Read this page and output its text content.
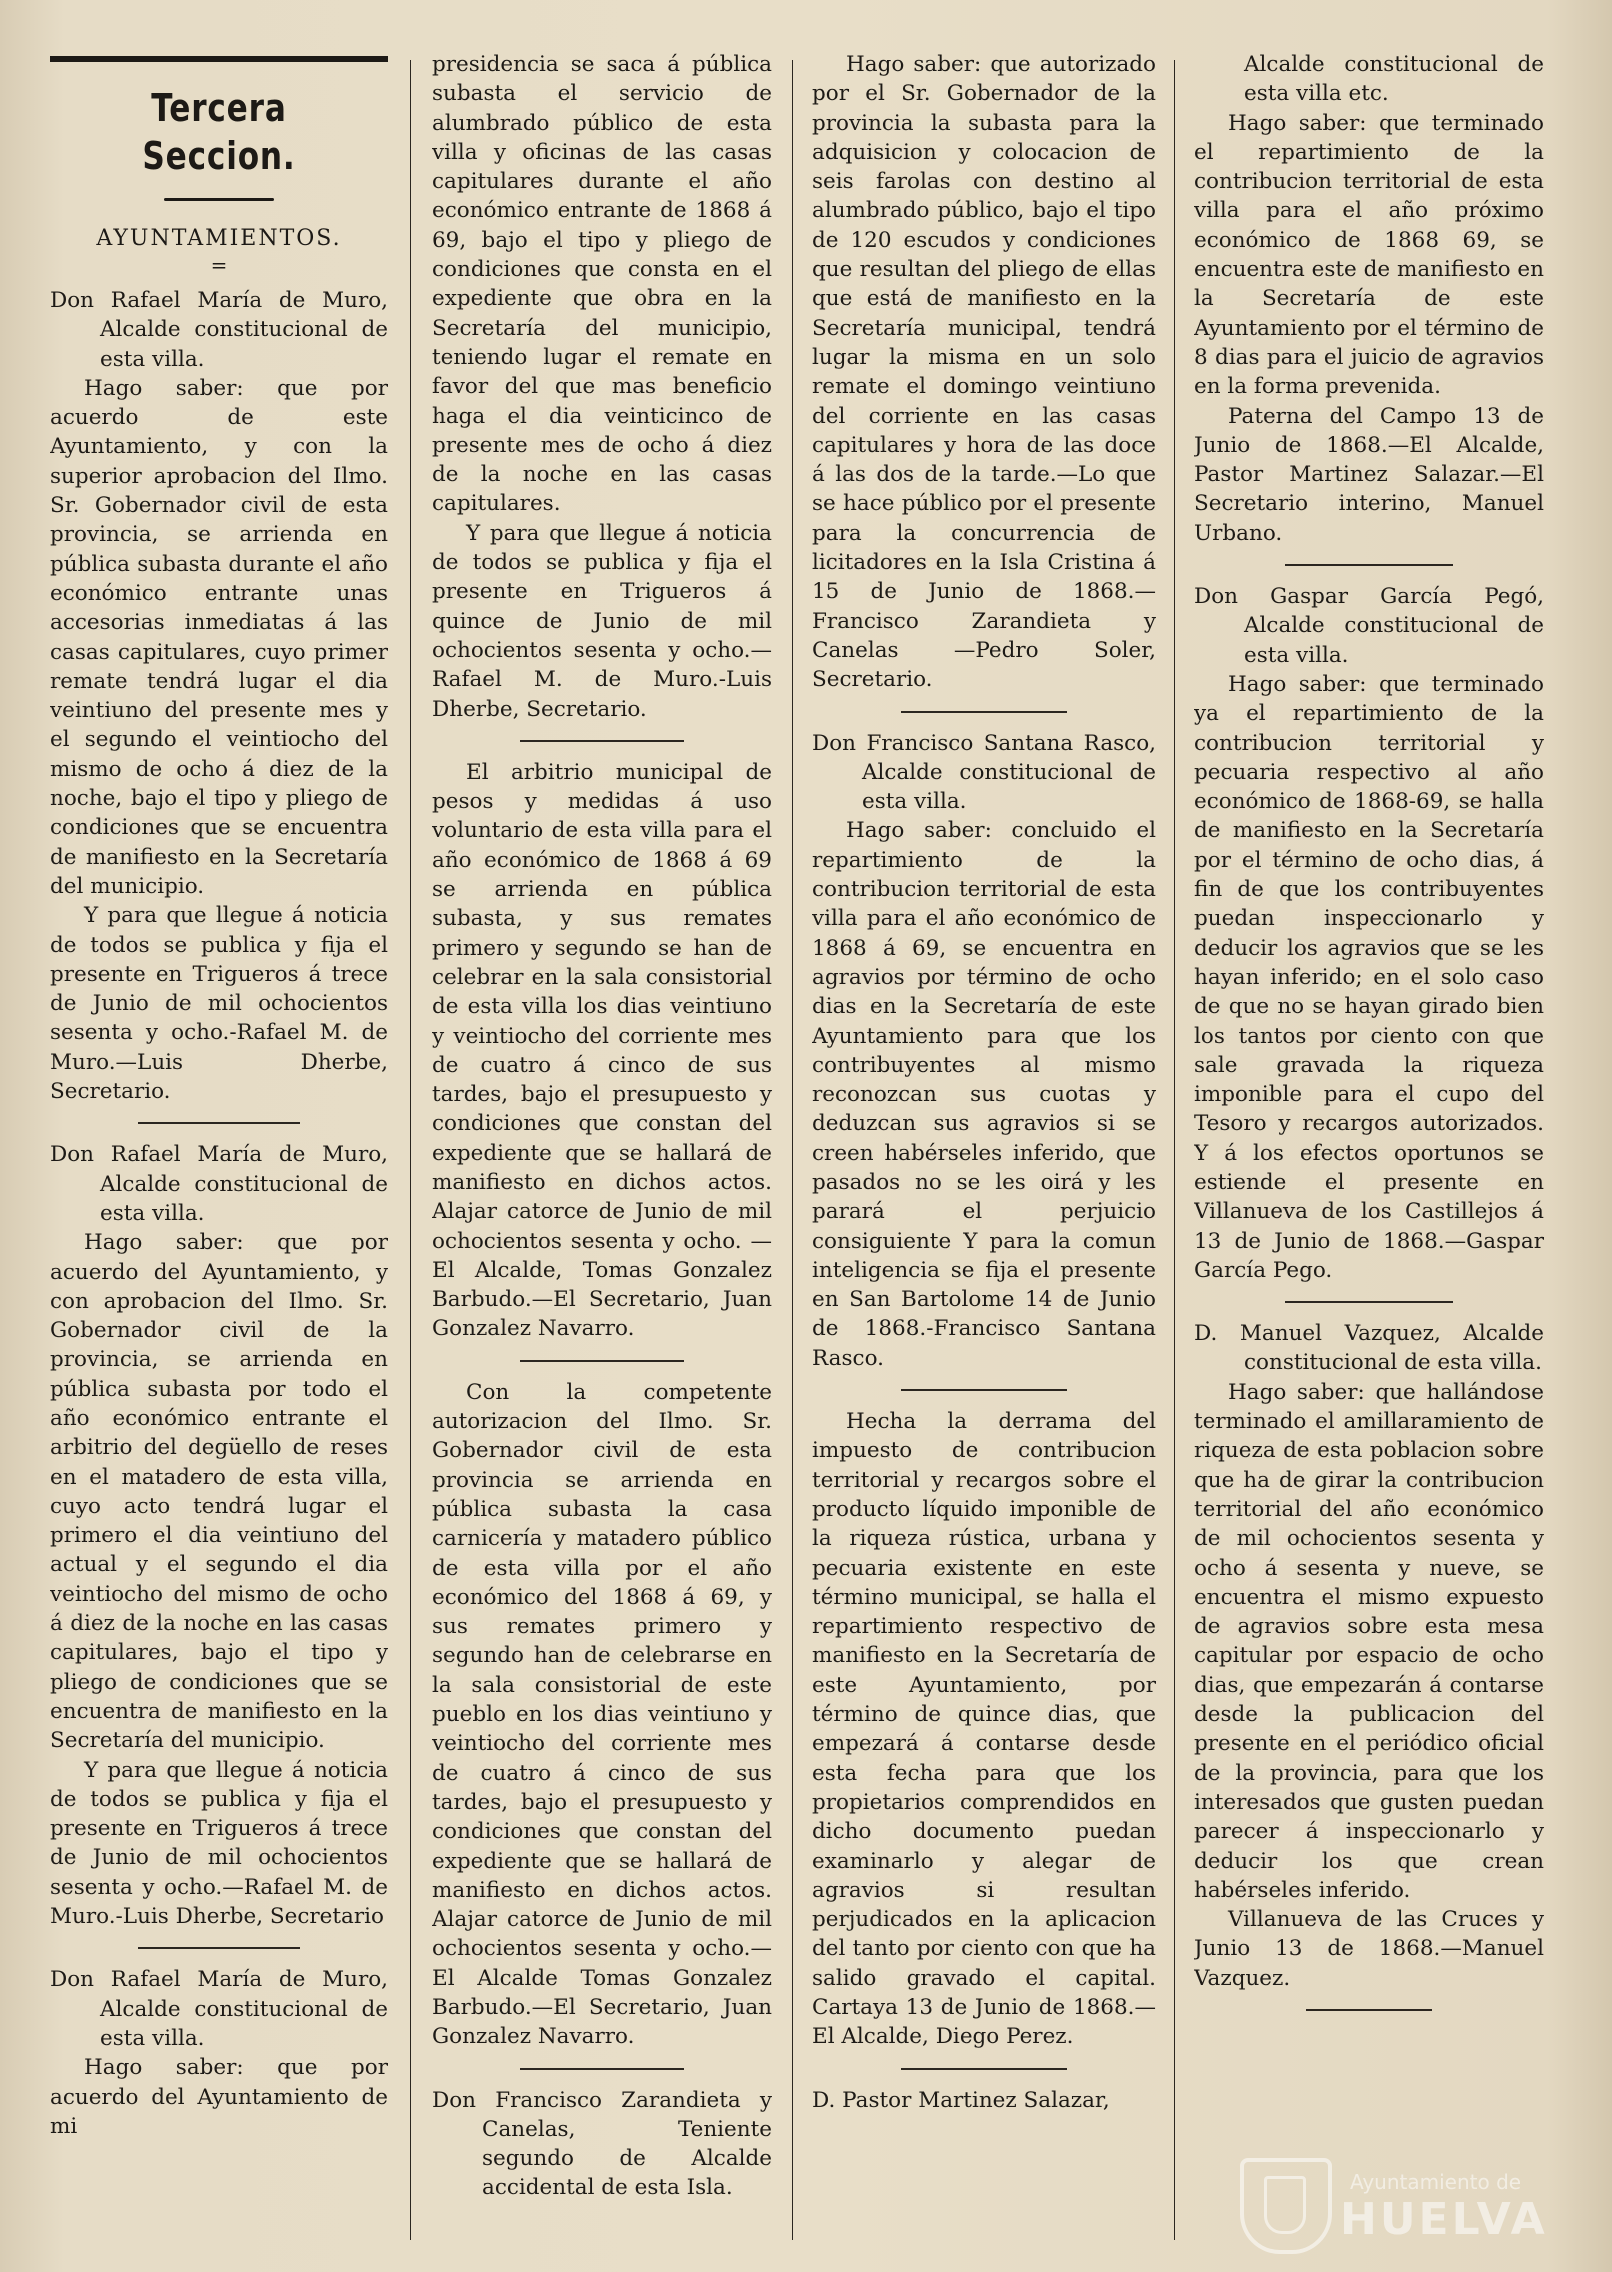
Tercera Seccion.
AYUNTAMIENTOS.
=

Don Rafael María de Muro, Alcalde constitucional de esta villa.

Hago saber: que por acuerdo de este Ayuntamiento, y con la superior aprobacion del Ilmo. Sr. Gobernador civil de esta provincia, se arrienda en pública subasta durante el año económico entrante unas accesorias inmediatas á las casas capitulares, cuyo primer remate tendrá lugar el dia veintiuno del presente mes y el segundo el veintiocho del mismo de ocho á diez de la noche, bajo el tipo y pliego de condiciones que se encuentra de manifiesto en la Secretaría del municipio.

Y para que llegue á noticia de todos se publica y fija el presente en Trigueros á trece de Junio de mil ochocientos sesenta y ocho.-Rafael M. de Muro.—Luis Dherbe, Secretario.

Don Rafael María de Muro, Alcalde constitucional de esta villa.

Hago saber: que por acuerdo del Ayuntamiento, y con aprobacion del Ilmo. Sr. Gobernador civil de la provincia, se arrienda en pública subasta por todo el año económico entrante el arbitrio del degüello de reses en el matadero de esta villa, cuyo acto tendrá lugar el primero el dia veintiuno del actual y el segundo el dia veintiocho del mismo de ocho á diez de la noche en las casas capitulares, bajo el tipo y pliego de condiciones que se encuentra de manifiesto en la Secretaría del municipio.

Y para que llegue á noticia de todos se publica y fija el presente en Trigueros á trece de Junio de mil ochocientos sesenta y ocho.—Rafael M. de Muro.-Luis Dherbe, Secretario

Don Rafael María de Muro, Alcalde constitucional de esta villa.

Hago saber: que por acuerdo del Ayuntamiento de mi

presidencia se saca á pública subasta el servicio de alumbrado público de esta villa y oficinas de las casas capitulares durante el año económico entrante de 1868 á 69, bajo el tipo y pliego de condiciones que consta en el expediente que obra en la Secretaría del municipio, teniendo lugar el remate en favor del que mas beneficio haga el dia veinticinco de presente mes de ocho á diez de la noche en las casas capitulares.

Y para que llegue á noticia de todos se publica y fija el presente en Trigueros á quince de Junio de mil ochocientos sesenta y ocho.—Rafael M. de Muro.-Luis Dherbe, Secretario.

El arbitrio municipal de pesos y medidas á uso voluntario de esta villa para el año económico de 1868 á 69 se arrienda en pública subasta, y sus remates primero y segundo se han de celebrar en la sala consistorial de esta villa los dias veintiuno y veintiocho del corriente mes de cuatro á cinco de sus tardes, bajo el presupuesto y condiciones que constan del expediente que se hallará de manifiesto en dichos actos. Alajar catorce de Junio de mil ochocientos sesenta y ocho. —El Alcalde, Tomas Gonzalez Barbudo.—El Secretario, Juan Gonzalez Navarro.

Con la competente autorizacion del Ilmo. Sr. Gobernador civil de esta provincia se arrienda en pública subasta la casa carnicería y matadero público de esta villa por el año económico del 1868 á 69, y sus remates primero y segundo han de celebrarse en la sala consistorial de este pueblo en los dias veintiuno y veintiocho del corriente mes de cuatro á cinco de sus tardes, bajo el presupuesto y condiciones que constan del expediente que se hallará de manifiesto en dichos actos. Alajar catorce de Junio de mil ochocientos sesenta y ocho.—El Alcalde Tomas Gonzalez Barbudo.—El Secretario, Juan Gonzalez Navarro.

Don Francisco Zarandieta y Canelas, Teniente segundo de Alcalde accidental de esta Isla.

Hago saber: que autorizado por el Sr. Gobernador de la provincia la subasta para la adquisicion y colocacion de seis farolas con destino al alumbrado público, bajo el tipo de 120 escudos y condiciones que resultan del pliego de ellas que está de manifiesto en la Secretaría municipal, tendrá lugar la misma en un solo remate el domingo veintiuno del corriente en las casas capitulares y hora de las doce á las dos de la tarde.—Lo que se hace público por el presente para la concurrencia de licitadores en la Isla Cristina á 15 de Junio de 1868.—Francisco Zarandieta y Canelas —Pedro Soler, Secretario.

Don Francisco Santana Rasco, Alcalde constitucional de esta villa.

Hago saber: concluido el repartimiento de la contribucion territorial de esta villa para el año económico de 1868 á 69, se encuentra en agravios por término de ocho dias en la Secretaría de este Ayuntamiento para que los contribuyentes al mismo reconozcan sus cuotas y deduzcan sus agravios si se creen habérseles inferido, que pasados no se les oirá y les parará el perjuicio consiguiente Y para la comun inteligencia se fija el presente en San Bartolome 14 de Junio de 1868.-Francisco Santana Rasco.

Hecha la derrama del impuesto de contribucion territorial y recargos sobre el producto líquido imponible de la riqueza rústica, urbana y pecuaria existente en este término municipal, se halla el repartimiento respectivo de manifiesto en la Secretaría de este Ayuntamiento, por término de quince dias, que empezará á contarse desde esta fecha para que los propietarios comprendidos en dicho documento puedan examinarlo y alegar de agravios si resultan perjudicados en la aplicacion del tanto por ciento con que ha salido gravado el capital. Cartaya 13 de Junio de 1868.—El Alcalde, Diego Perez.

D. Pastor Martinez Salazar,

Alcalde constitucional de esta villa etc.

Hago saber: que terminado el repartimiento de la contribucion territorial de esta villa para el año próximo económico de 1868 69, se encuentra este de manifiesto en la Secretaría de este Ayuntamiento por el término de 8 dias para el juicio de agravios en la forma prevenida.

Paterna del Campo 13 de Junio de 1868.—El Alcalde, Pastor Martinez Salazar.—El Secretario interino, Manuel Urbano.

Don Gaspar García Pegó, Alcalde constitucional de esta villa.

Hago saber: que terminado ya el repartimiento de la contribucion territorial y pecuaria respectivo al año económico de 1868-69, se halla de manifiesto en la Secretaría por el término de ocho dias, á fin de que los contribuyentes puedan inspeccionarlo y deducir los agravios que se les hayan inferido; en el solo caso de que no se hayan girado bien los tantos por ciento con que sale gravada la riqueza imponible para el cupo del Tesoro y recargos autorizados. Y á los efectos oportunos se estiende el presente en Villanueva de los Castillejos á 13 de Junio de 1868.—Gaspar García Pego.

D. Manuel Vazquez, Alcalde constitucional de esta villa.

Hago saber: que hallándose terminado el amillaramiento de riqueza de esta poblacion sobre que ha de girar la contribucion territorial del año económico de mil ochocientos sesenta y ocho á sesenta y nueve, se encuentra el mismo expuesto de agravios sobre esta mesa capitular por espacio de ocho dias, que empezarán á contarse desde la publicacion del presente en el periódico oficial de la provincia, para que los interesados que gusten puedan parecer á inspeccionarlo y deducir los que crean habérseles inferido.

Villanueva de las Cruces y Junio 13 de 1868.—Manuel Vazquez.

Ayuntamiento de
HUELVA
